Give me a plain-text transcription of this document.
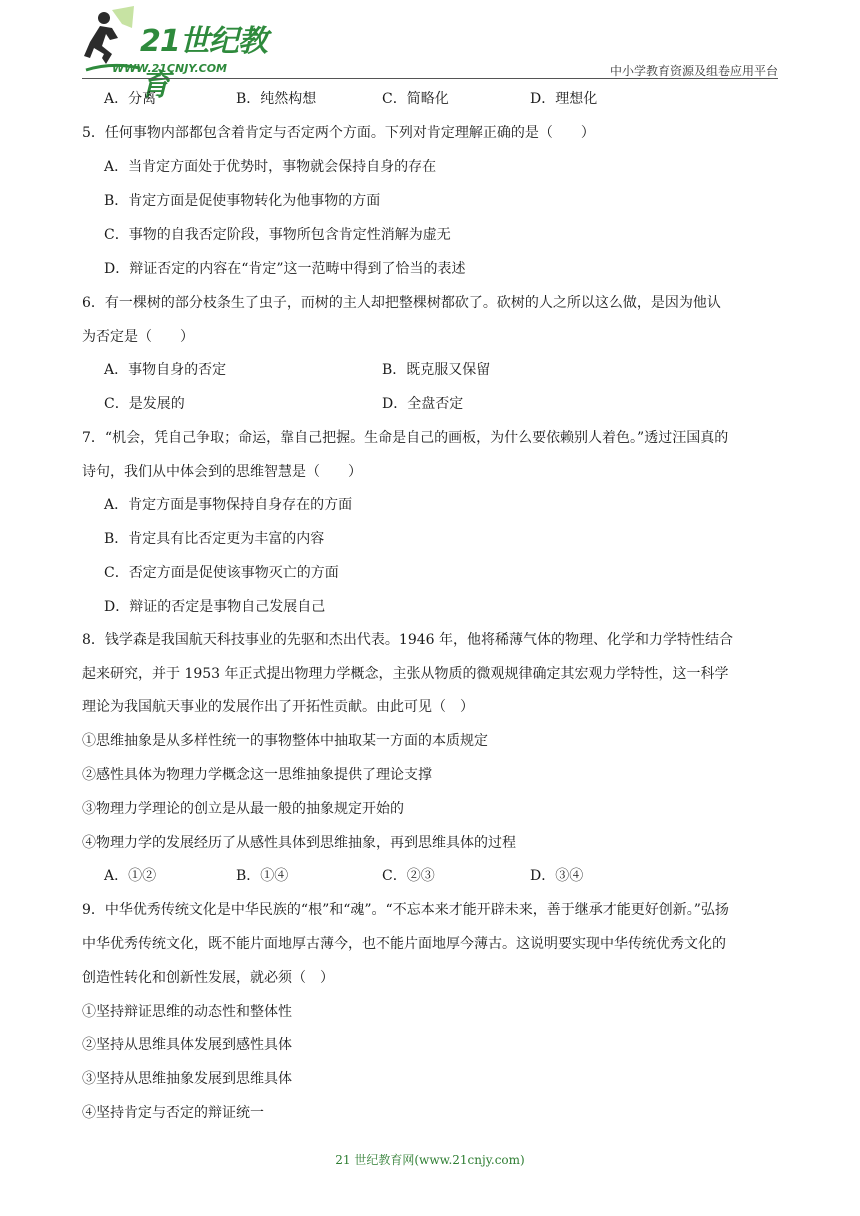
21世纪教育
WWW.21CNJY.COM	中小学教育资源及组卷应用平台
A．分离	B．纯然构想	C．简略化	D．理想化
5．任何事物内部都包含着肯定与否定两个方面。下列对肯定理解正确的是（　　）
A．当肯定方面处于优势时，事物就会保持自身的存在
B．肯定方面是促使事物转化为他事物的方面
C．事物的自我否定阶段，事物所包含肯定性消解为虚无
D．辩证否定的内容在“肯定”这一范畴中得到了恰当的表述
6．有一棵树的部分枝条生了虫子，而树的主人却把整棵树都砍了。砍树的人之所以这么做，是因为他认
为否定是（　　）
A．事物自身的否定	B．既克服又保留
C．是发展的	D．全盘否定
7．“机会，凭自己争取；命运，靠自己把握。生命是自己的画板，为什么要依赖别人着色。”透过汪国真的
诗句，我们从中体会到的思维智慧是（　　）
A．肯定方面是事物保持自身存在的方面
B．肯定具有比否定更为丰富的内容
C．否定方面是促使该事物灭亡的方面
D．辩证的否定是事物自己发展自己
8．钱学森是我国航天科技事业的先驱和杰出代表。1946 年，他将稀薄气体的物理、化学和力学特性结合
起来研究，并于 1953 年正式提出物理力学概念，主张从物质的微观规律确定其宏观力学特性，这一科学
理论为我国航天事业的发展作出了开拓性贡献。由此可见（　）
①思维抽象是从多样性统一的事物整体中抽取某一方面的本质规定
②感性具体为物理力学概念这一思维抽象提供了理论支撑
③物理力学理论的创立是从最一般的抽象规定开始的
④物理力学的发展经历了从感性具体到思维抽象，再到思维具体的过程
A．①②	B．①④	C．②③	D．③④
9．中华优秀传统文化是中华民族的“根”和“魂”。“不忘本来才能开辟未来，善于继承才能更好创新。”弘扬
中华优秀传统文化，既不能片面地厚古薄今，也不能片面地厚今薄古。这说明要实现中华传统优秀文化的
创造性转化和创新性发展，就必须（　）
①坚持辩证思维的动态性和整体性
②坚持从思维具体发展到感性具体
③坚持从思维抽象发展到思维具体
④坚持肯定与否定的辩证统一
21 世纪教育网(www.21cnjy.com)
